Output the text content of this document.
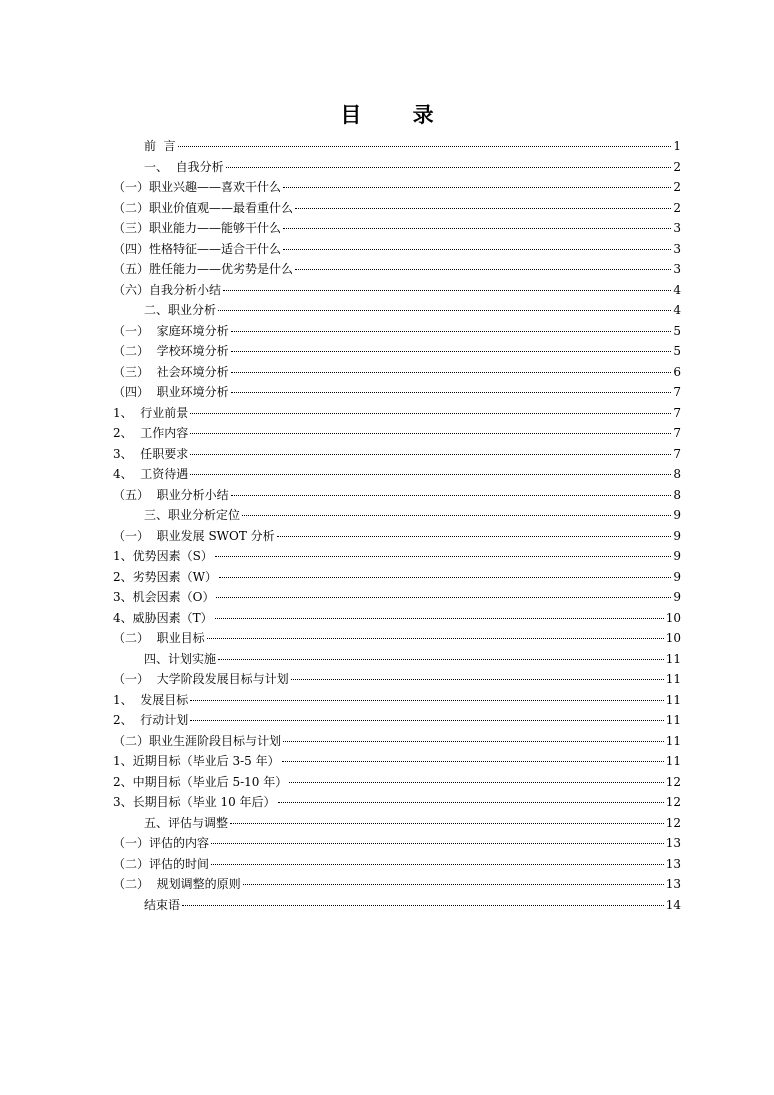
目 录
前  言	1
一、  自我分析	2
（一）职业兴趣——喜欢干什么	2
（二）职业价值观——最看重什么	2
（三）职业能力——能够干什么	3
（四）性格特征——适合干什么	3
（五）胜任能力——优劣势是什么	3
（六）自我分析小结	4
二、职业分析	4
（一）  家庭环境分析	5
（二）  学校环境分析	5
（三）  社会环境分析	6
（四）  职业环境分析	7
1、  行业前景	7
2、  工作内容	7
3、  任职要求	7
4、  工资待遇	8
（五）  职业分析小结	8
三、职业分析定位	9
（一）  职业发展 SWOT 分析	9
1、优势因素（S）	9
2、劣势因素（W）	9
3、机会因素（O）	9
4、威胁因素（T）	10
（二）  职业目标	10
四、计划实施	11
（一）  大学阶段发展目标与计划	11
1、  发展目标	11
2、  行动计划	11
（二）职业生涯阶段目标与计划	11
1、近期目标（毕业后 3-5 年）	11
2、中期目标（毕业后 5-10 年）	12
3、长期目标（毕业 10 年后）	12
五、评估与调整	12
（一）评估的内容	13
（二）评估的时间	13
（二）  规划调整的原则	13
结束语	14
